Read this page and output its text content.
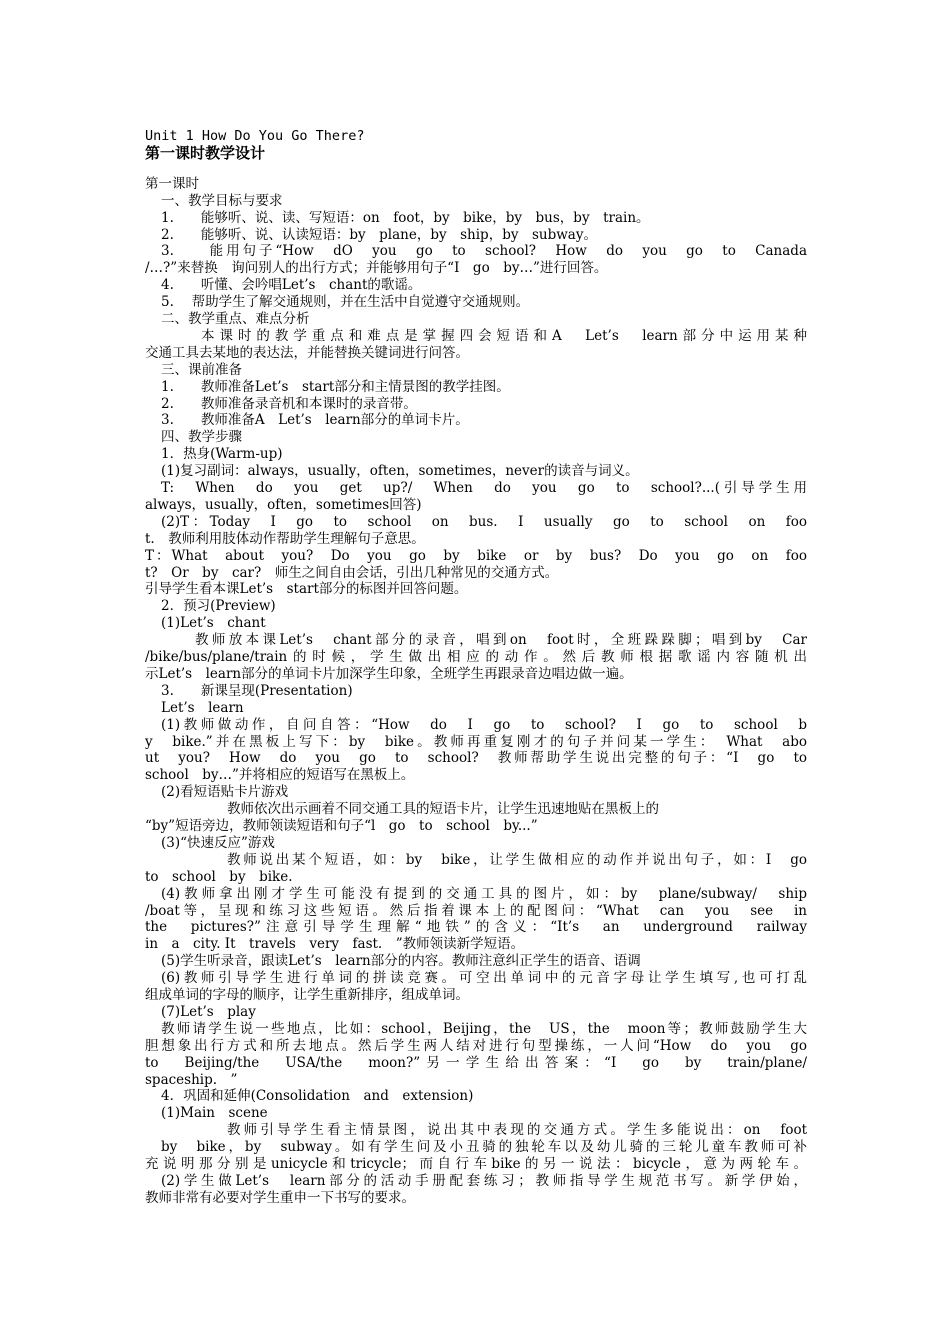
Unit 1 How Do You Go There?
第一课时教学设计
第一课时
一、教学目标与要求
1.　　能够听、说、读、写短语：on　foot，by　bike，by　bus，by　train。
2.　　能够听、说、认读短语：by　plane，by　ship，by　subway。
3.　　能用句子“How　dO　you　go　to　school?　How　do　you　go　to　Canada
/…?”来替换　询问别人的出行方式；并能够用句子“I　go　by…”进行回答。
4.　　听懂、会吟唱Let’s　chant的歌谣。
5.　 帮助学生了解交通规则，并在生活中自觉遵守交通规则。
二、教学重点、难点分析
本课时的教学重点和难点是掌握四会短语和A　Let’s　learn部分中运用某种
交通工具去某地的表达法，并能替换关键词进行问答。
三、课前准备
1.　　教师准备Let’s　start部分和主情景图的教学挂图。
2.　　教师准备录音机和本课时的录音带。
3.　　教师准备A　Let’s　learn部分的单词卡片。
四、教学步骤
1．热身(Warm-up)
(1)复习副词：always，usually，often，sometimes，never的读音与词义。
T:　When　do　you　get　up?/　When　do　you　go　to　school?...(引导学生用
always，usually，often，sometimes回答)
(2)T：Today　I　go　to　school　on　bus.　I　usually　go　to　school　on　foo
t.　教师利用肢体动作帮助学生理解句子意思。
T：What　about　you?　Do　you　go　by　bike　or　by　bus?　Do　you　go　on　foo
t?　Or　by　car?　师生之间自由会话，引出几种常见的交通方式。
引导学生看本课Let’s　start部分的标图并回答问题。
2．预习(Preview)
(1)Let’s　chant
教师放本课Let’s　chant部分的录音，唱到on　foot时，全班跺跺脚；唱到by　Car
/bike/bus/plane/train的时候，学生做出相应的动作。然后教师根据歌谣内容随机出
示Let’s　learn部分的单词卡片加深学生印象，全班学生再跟录音边唱边做一遍。
3.　　新课呈现(Presentation)
Let’s　learn
(1)教师做动作，自问自答：“How　do　I　go　to　school?　I　go　to　school　b
y　bike.”并在黑板上写下：by　bike。教师再重复刚才的句子并问某一学生：　What　abo
ut　you?　How　do　you　go　to　school?　教师帮助学生说出完整的句子：“I　go　to
school　by…”并将相应的短语写在黑板上。
(2)看短语贴卡片游戏
教师依次出示画着不同交通工具的短语卡片，让学生迅速地贴在黑板上的
“by”短语旁边，教师领读短语和句子“l　go　to　school　by...”
(3)“快速反应”游戏
教师说出某个短语，如：by　bike，让学生做相应的动作并说出句子，如：I　go
to　school　by　bike.
(4)教师拿出刚才学生可能没有提到的交通工具的图片，如：by　plane/subway/　ship
/boat等，呈现和练习这些短语。然后指着课本上的配图问：“What　can　you　see　in
the　pictures?”注意引导学生理解“地铁”的含义：“It’s　an　underground　railway
in　a　city. It　travels　very　fast.　”教师领读新学短语。
(5)学生听录音，跟读Let’s　learn部分的内容。教师注意纠正学生的语音、语调
(6)教师引导学生进行单词的拼读竞赛。可空出单词中的元音字母让学生填写,也可打乱
组成单词的字母的顺序，让学生重新排序，组成单词。
(7)Let’s　play
教师请学生说一些地点，比如：school，Beijing，the　US，the　moon等；教师鼓励学生大
胆想象出行方式和所去地点。然后学生两人结对进行句型操练，一人问“How　do　you　go
to　Beijing/the　USA/the　moon?”另一学生给出答案：“I　go　by　train/plane/
spaceship.　”
4．巩固和延伸(Consolidation　and　extension)
(1)Main　scene
教师引导学生看主情景图，说出其中表现的交通方式。学生多能说出：on　foot
by　bike，by　subway。如有学生问及小丑骑的独轮车以及幼儿骑的三轮儿童车教师可补
充说明那分别是unicycle和tricycle；而自行车bike的另一说法：bicycle，意为两轮车。
(2)学生做Let’s　learn部分的活动手册配套练习；教师指导学生规范书写。新学伊始，
教师非常有必要对学生重申一下书写的要求。
